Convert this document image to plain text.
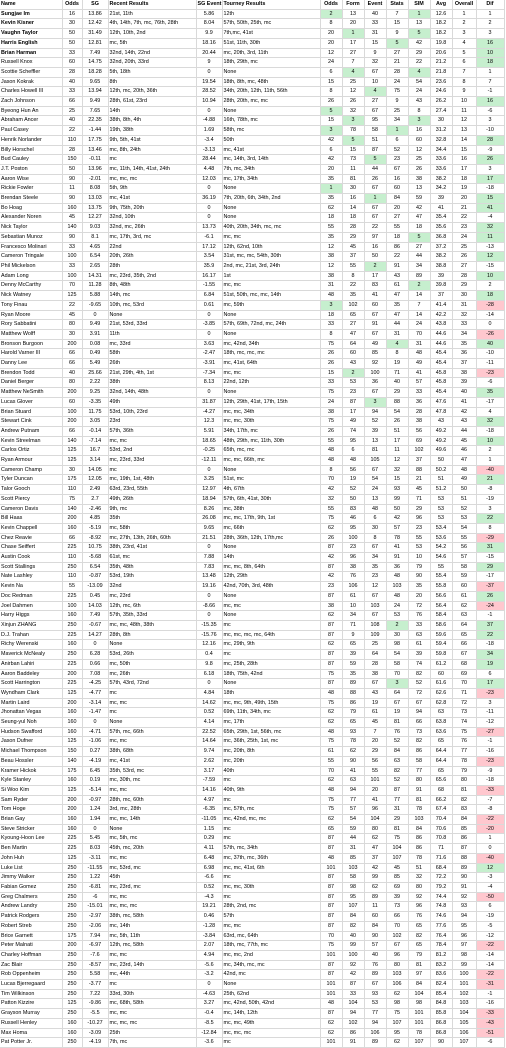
Name	Odds	SG	Recent Results	SG Event	Tourney Results	Odds	Form	Event	Stats	SIM	Avg	Overall	Dif
Sungjae Im	16	13.86	21st, 11th	5.86	12th	2	13	40	7	1	12.6	1	1
Kevin Kisner	30	12.42	4th, 14th, 7th, mc, 76th, 28th	8.04	57th, 50th, 25th, mc	8	20	33	15	13	18.2	2	2
Vaughn Taylor	50	31.49	12th, 10th, 2nd	9.9	7th,mc, 41st	20	1	31	9	5	18.2	3	3
Harris English	50	12.81	mc, 5th	18.16	51st, 11th, 30th	20	17	15	5	42	19.8	4	16
Brian Harman	33	7.49	32nd, 14th, 22nd	20.44	mc, 20th, 3rd, 11th	12	27	9	27	29	20.6	5	10
Russell Knox	60	14.75	32nd, 20th, 33rd	9	18th, 29th, mc	24	7	32	21	22	21.2	6	18
Scottie Scheffler	28	18.28	5th, 18th	0	None	6	4	67	28	4	21.8	7	1
Jason Kokrak	40	9.65	8th	19.54	18th, 8th, mc, 48th	15	25	10	24	54	23.6	8	7
Charles Howell III	33	13.94	12th, mc, 20th, 36th	28.52	34th, 20th, 12th, 11th, 56th	8	12	4	75	24	24.6	9	-1
Zach Johnson	66	9.49	28th, 61st, 23rd	10.94	28th, 20th, mc, mc	26	26	27	9	43	26.2	10	16
Byeong Hun An	25	7.65	14th	0	None	5	32	67	25	8	27.4	11	-6
Abraham Ancer	40	22.35	38th, 8th, 4th	-4.88	16th, 78th, mc	15	3	95	34	3	30	12	3
Paul Casey	22	-1.44	19th, 38th	1.69	58th, mc	3	78	58	1	16	31.2	13	-10
Henrik Norlander	110	17.75	9th, 5th, 41st	-3.4	50th	42	5	51	6	60	32.8	14	28
Billy Horschel	28	13.46	mc, 8th, 24th	-3.13	mc, 41st	6	15	87	52	12	34.4	15	-9
Bud Cauley	150	-0.11	mc	28.44	mc, 14th, 3rd, 14th	42	73	5	23	25	33.6	16	26
J.T. Poston	50	13.96	mc, 11th, 14th, 41st, 24th	4.48	7th, mc, 34th	20	11	44	67	26	33.6	17	3
Aaron Wise	90	-2.01	mc, mc, mc	12.03	mc, 17th, 34th	35	81	26	16	38	38.2	18	17
Rickie Fowler	11	8.08	5th, 9th	0	None	1	30	67	60	13	34.2	19	-18
Brendan Steele	90	13.03	mc, 41st	36.19	7th, 20th, 6th, 34th, 2nd	35	16	1	84	59	39	20	15
Bo Hoag	160	13.75	9th, 75th, 20th	0	None	62	14	67	20	42	41	21	41
Alexander Noren	45	12.27	32nd, 10th	0	None	18	18	67	27	47	35.4	22	-4
Nick Taylor	140	9.03	32nd, mc, 26th	13.73	40th, 20th, 34th, mc, mc	55	28	22	55	18	35.6	23	32
Sebastian Munoz	90	8.1	mc, 17th, 3rd, mc	-6.1	mc, mc	35	29	97	18	5	36.8	24	11
Francesco Molinari	33	4.65	22nd	17.12	12th, 62nd, 10th	12	45	16	86	27	37.2	25	-13
Cameron Tringale	100	6.54	20th, 26th	3.54	31st, mc, mc, 54th, 30th	38	37	50	22	44	38.2	26	12
Phil Mickelson	33	2.65	28th	35.9	2nd, mc, 21st, 3rd, 24th	12	55	2	91	34	38.8	27	-15
Adam Long	100	14.31	mc, 23rd, 35th, 2nd	16.17	1st	38	8	17	43	89	39	28	10
Denny McCarthy	70	11.28	8th, 48th	-1.55	mc, mc	31	22	83	61	2	39.8	29	2
Nick Watney	125	5.88	14th, mc	6.84	51st, 50th, mc, mc, 14th	48	35	41	47	14	37	30	18
Tony Finau	22	-9.65	10th, mc, 53rd	0.61	mc, 59th	3	102	60	35	7	41.4	31	-28
Ryan Moore	45	0	None	0	None	18	65	67	47	14	42.2	32	-14
Rory Sabbatini	80	9.49	21st, 53rd, 33rd	-3.85	57th, 69th, 72nd, mc, 24th	33	27	91	44	24	43.8	33	0
Matthew Wolff	30	3.91	11th	0	None	8	47	67	31	70	44.6	34	-26
Bronson Burgoon	200	0.08	mc, 33rd	3.63	mc, 42nd, 34th	75	64	49	4	31	44.6	35	40
Harold Varner III	66	0.49	58th	-2.47	18th, mc, mc, mc	26	60	85	8	48	45.4	36	-10
Danny Lee	66	5.49	26th	-3.91	mc, 41st, 64th	26	43	92	19	49	45.4	37	-11
Brendon Todd	40	25.66	21st, 29th, 4th, 1st	-7.34	mc, mc	15	2	100	71	41	45.8	38	-23
Daniel Berger	80	2.22	38th	8.13	22nd, 12th	33	53	36	40	57	45.8	39	-6
Matthew NeSmith	200	9.25	32nd, 14th, 48th	0	None	75	23	67	29	33	45.4	40	35
Lucas Glover	60	-3.35	49th	31.87	12th, 29th, 41st, 17th, 15th	24	87	3	88	36	47.6	41	-17
Brian Stuard	100	11.75	53rd, 10th, 23rd	-4.27	mc, mc, 34th	38	17	94	54	28	47.8	42	4
Stewart Cink	200	3.05	23rd	12.3	mc, mc, 30th	75	49	52	26	38	43	43	32
Andrew Putnam	66	-0.14	57th, 36th	5.91	34th, 17th, mc	26	74	39	51	56	49.2	44	-18
Kevin Streelman	140	-7.14	mc, mc	18.65	48th, 29th, mc, 11th, 30th	55	95	13	17	69	49.2	45	10
Carlos Ortiz	125	16.7	53rd, 2nd	-0.25	65th, mc, mc	48	6	81	11	102	49.6	46	2
Ryan Armour	125	3.14	mc, 23rd, 33rd	-12.11	mc, mc, 66th, mc	48	48	105	12	37	50	47	1
Cameron Champ	30	14.05	mc	0	None	8	56	67	32	88	50.2	48	-40
Tyler Duncan	175	12.05	mc, 19th, 1st, 48th	3.25	51st, mc	70	19	54	15	21	51	49	21
Talor Gooch	110	2.49	63rd, 23rd, 55th	12.97	4th, 67th	42	52	24	93	45	51.2	50	-8
Scott Piercy	75	2.7	49th, 26th	18.94	57th, 6th, 41st, 30th	32	50	13	99	71	53	51	-19
Cameron Davis	140	-2.46	9th, mc	8.26	mc, 38th	55	83	48	50	29	53	52	3
Bill Haas	200	4.85	35th	26.08	mc, mc, 17th, 9th, 1st	75	46	6	42	96	53	53	22
Kevin Chappell	160	-5.19	mc, 58th	9.65	mc, 66th	62	95	30	57	23	53.4	54	8
Chez Reavie	66	-8.92	mc, 27th, 13th, 26th, 60th	21.51	28th, 36th, 12th, 17th,mc	26	100	8	78	55	53.6	55	-29
Chase Seiffert	225	10.75	38th, 23rd, 41st	0	None	87	23	67	41	53	54.2	56	31
Austin Cook	110	-5.68	61st, mc	7.88	14th	42	96	34	91	10	54.6	57	-15
Scott Stallings	250	6.54	35th, 48th	7.83	mc, mc, 8th, 64th	87	38	35	36	79	55	58	29
Nate Lashley	110	-0.87	53rd, 19th	13.48	12th, 29th	42	76	23	48	90	55.4	59	-17
Kevin Na	55	-13.09	32nd	19.16	42nd, 70th, 3rd, 48th	23	106	12	103	35	55.8	60	-37
Doc Redman	225	0.45	mc, 23rd	0	None	87	61	67	48	20	56.6	61	26
Joel Dahmen	100	14.03	12th, mc, 6th	-8.66	mc, mc	38	10	103	24	72	56.4	62	-24
Harry Higgs	160	7.49	57th, 35th, 33rd	0	None	62	34	67	53	76	58.4	63	-1
Xinjun ZHANG	250	-0.67	mc, mc, 48th, 38th	-15.35	mc	87	71	108	2	33	58.6	64	37
D.J. Trahan	225	14.27	28th, 8th	-15.76	mc, mc, mc, mc, 64th	87	9	109	30	63	59.6	65	22
Richy Werenski	160	0	None	12.16	mc, 29th, 9th	62	65	25	98	61	59.4	66	-18
Maverick McNealy	250	6.28	53rd, 26th	0.4	mc	87	39	64	54	39	59.8	67	34
Anirban Lahiri	225	0.66	mc, 50th	9.8	mc, 25th, 28th	87	59	28	58	74	61.2	68	19
Aaron Baddeley	200	7.08	mc, 26th	6.18	18th, 75th, 42nd	75	35	38	70	82	60	69	6
Scott Harrington	225	-4.25	57th, 43rd, 72nd	0	None	87	89	67	3	52	61.6	70	17
Wyndham Clark	125	-4.77	mc	4.84	18th	48	88	43	64	72	62.6	71	-23
Martin Laird	200	-3.14	mc, mc	14.62	mc, mc, 9th, 49th, 15th	75	86	19	67	67	62.8	72	3
Jhonattan Vegas	160	-1.47	mc	0.52	69th, 11th, 34th, mc	62	79	61	19	94	63	73	-11
Seung-yul Noh	160	0	None	4.14	mc, 17th	62	65	45	81	66	63.8	74	-12
Hudson Swafford	160	-4.71	57th, mc, 66th	22.52	65th, 29th, 1st, 56th, mc	48	93	7	76	73	63.6	75	-27
Jason Dufner	125	-1.06	mc, mc	14.64	mc, 36th, 25th, 1st, mc	75	78	20	52	82	65	76	-1
Michael Thompson	150	0.27	38th, 68th	9.74	mc, 20th, 8th	61	62	29	84	86	64.4	77	-16
Beau Hossler	140	-4.19	mc, 41st	2.62	mc, 20th	55	90	56	63	58	64.4	78	-23
Kramer Hickok	175	6.45	35th, 53rd, mc	3.17	40th	70	41	55	82	77	65	79	-9
Kyle Stanley	160	0.19	mc, 30th, mc	-7.59	mc	62	63	101	52	80	65.6	80	-18
Si Woo Kim	125	-5.14	mc, mc	14.16	40th, 9th	48	94	20	87	91	68	81	-33
Sam Ryder	200	-0.97	28th, mc, 60th	4.97	mc	75	77	41	77	81	66.2	82	-7
Tom Hoge	200	1.24	3rd, mc, 28th	-6.35	mc, 57th, mc	75	57	96	31	78	67.4	83	-8
Brian Gay	160	1.94	mc, mc, 14th	-11.05	mc, 42nd, mc, mc	62	54	104	29	103	70.4	84	-22
Steve Stricker	160	0	None	1.15	mc	65	59	80	81	84	70.6	85	-20
Kyoung-Hoon Lee	225	5.45	mc, 5th, mc	0.29	mc	87	44	62	75	86	70.8	86	1
Ben Martin	225	8.03	45th, mc, 20th	4.11	57th, mc, 34th	87	31	47	104	86	71	87	0
John Huh	125	-3.11	mc, mc	6.48	mc, 37th, mc, 36th	48	85	37	107	78	71.6	88	-40
Luke List	250	-11.55	mc, 53rd, mc	6.98	mc, mc, 41st, 6th	101	103	42	45	51	68.4	89	12
Jimmy Walker	250	1.22	45th	-6.6	mc	87	58	99	85	32	72.2	90	-3
Fabian Gomez	250	-6.81	mc, 23rd, mc	0.52	mc, mc, 30th	87	98	62	69	80	79.2	91	-4
Greg Chalmers	250	-6	mc, mc	-4.3	mc	87	95	89	39	92	74.4	92	-50
Andrew Landry	250	-15.01	mc, mc, mc	19.21	28th, 2nd, mc	87	107	11	73	96	74.8	93	6
Patrick Rodgers	250	-2.97	38th, mc, 58th	0.46	57th	87	84	60	66	76	74.6	94	-19
Robert Streb	250	-2.06	mc, 14th	-1.28	mc, mc	87	82	84	70	65	77.6	95	-5
Brice Garnett	175	7.94	mc, 5th, 11th	-3.84	63rd, mc, 64th	70	40	90	102	82	76.4	96	-12
Peter Malnati	200	-6.97	12th, mc, 58th	2.07	18th, mc, 77th, mc	75	99	57	67	65	78.4	97	-22
Charley Hoffman	250	-7.6	mc, mc	4.94	mc, mc, 2nd	101	100	40	96	79	81.2	98	-14
Zac Blair	250	-8.57	mc, 23rd, 14th	-5.6	mc, 34th, mc, mc	87	92	76	80	81	83.2	99	-14
Rob Oppenheim	250	5.58	mc, 44th	-3.2	42nd, mc	87	42	89	103	97	83.6	100	-22
Lucas Bjerregaard	250	-3.77	mc	0	None	101	87	67	106	84	82.4	101	-31
Tim Wilkinson	250	7.22	33rd, 30th	-4.63	25th, 62nd	101	33	93	62	104	85.4	102	-1
Patton Kizzire	125	-9.86	mc, 68th, 58th	3.27	mc, 42nd, 50th, 42nd	48	104	53	98	98	84.8	103	-16
Grayson Murray	250	-5.5	mc, mc	-0.4	mc, 14th, 12th	87	94	77	75	101	85.8	104	-33
Russell Henley	160	-10.27	mc, mc, mc	-8.5	mc, mc, 49th	62	102	94	107	101	86.8	105	-43
Max Homa	160	-3.09	25th	-12.84	mc, mc, mc	62	86	106	95	78	86.8	106	-51
Pat Potter Jr.	250	-4.19	7th, mc	-3.6	mc	101	91	89	62	107	90	107	-6
